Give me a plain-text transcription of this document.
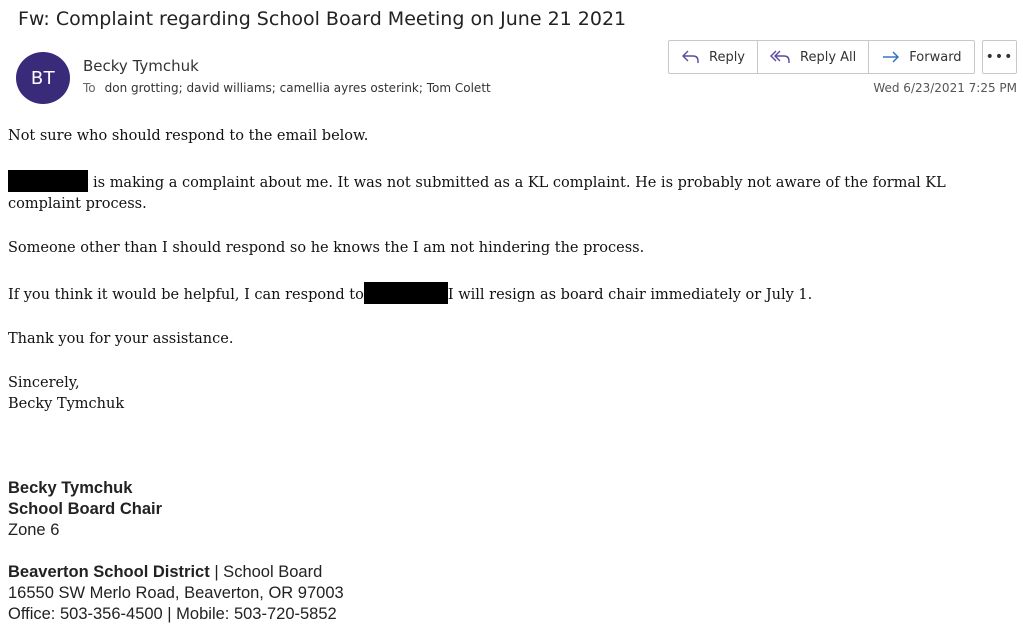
Fw: Complaint regarding School Board Meeting on June 21 2021
BT
Becky Tymchuk
To don grotting; david williams; camellia ayres osterink; Tom Colett
Reply	Reply All	Forward •••
Wed 6/23/2021 7:25 PM

Not sure who should respond to the email below.

is making a complaint about me. It was not submitted as a KL complaint. He is probably not aware of the formal KL complaint process.

Someone other than I should respond so he knows the I am not hindering the process.

If you think it would be helpful, I can respond to	I will resign as board chair immediately or July 1.

Thank you for your assistance.

Sincerely,
Becky Tymchuk

Becky Tymchuk
School Board Chair
Zone 6
Beaverton School District | School Board
16550 SW Merlo Road, Beaverton, OR 97003
Office: 503-356-4500 | Mobile: 503-720-5852
